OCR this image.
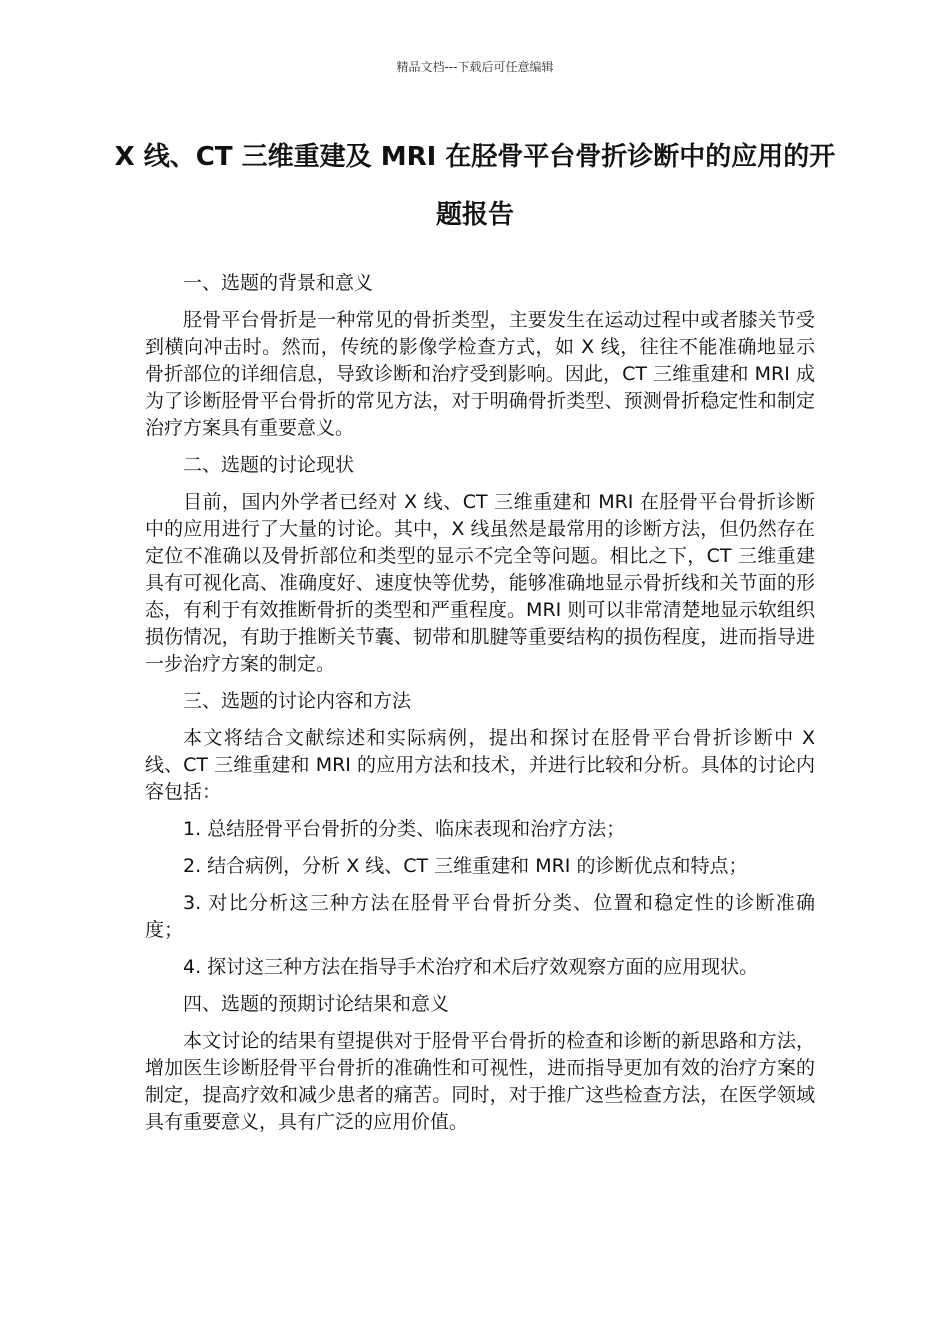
精品文档---下载后可任意编辑
X 线、CT 三维重建及 MRI 在胫骨平台骨折诊断中的应用的开题报告

一、选题的背景和意义

胫骨平台骨折是一种常见的骨折类型，主要发生在运动过程中或者膝关节受到横向冲击时。然而，传统的影像学检查方式，如 X 线，往往不能准确地显示骨折部位的详细信息，导致诊断和治疗受到影响。因此，CT 三维重建和 MRI 成为了诊断胫骨平台骨折的常见方法，对于明确骨折类型、预测骨折稳定性和制定治疗方案具有重要意义。

二、选题的讨论现状

目前，国内外学者已经对 X 线、CT 三维重建和 MRI 在胫骨平台骨折诊断中的应用进行了大量的讨论。其中，X 线虽然是最常用的诊断方法，但仍然存在定位不准确以及骨折部位和类型的显示不完全等问题。相比之下，CT 三维重建具有可视化高、准确度好、速度快等优势，能够准确地显示骨折线和关节面的形态，有利于有效推断骨折的类型和严重程度。MRI 则可以非常清楚地显示软组织损伤情况，有助于推断关节囊、韧带和肌腱等重要结构的损伤程度，进而指导进一步治疗方案的制定。

三、选题的讨论内容和方法

本文将结合文献综述和实际病例，提出和探讨在胫骨平台骨折诊断中 X 线、CT 三维重建和 MRI 的应用方法和技术，并进行比较和分析。具体的讨论内容包括：

1. 总结胫骨平台骨折的分类、临床表现和治疗方法；

2. 结合病例，分析 X 线、CT 三维重建和 MRI 的诊断优点和特点；

3. 对比分析这三种方法在胫骨平台骨折分类、位置和稳定性的诊断准确度；

4. 探讨这三种方法在指导手术治疗和术后疗效观察方面的应用现状。

四、选题的预期讨论结果和意义

本文讨论的结果有望提供对于胫骨平台骨折的检查和诊断的新思路和方法，增加医生诊断胫骨平台骨折的准确性和可视性，进而指导更加有效的治疗方案的制定，提高疗效和减少患者的痛苦。同时，对于推广这些检查方法，在医学领域具有重要意义，具有广泛的应用价值。
